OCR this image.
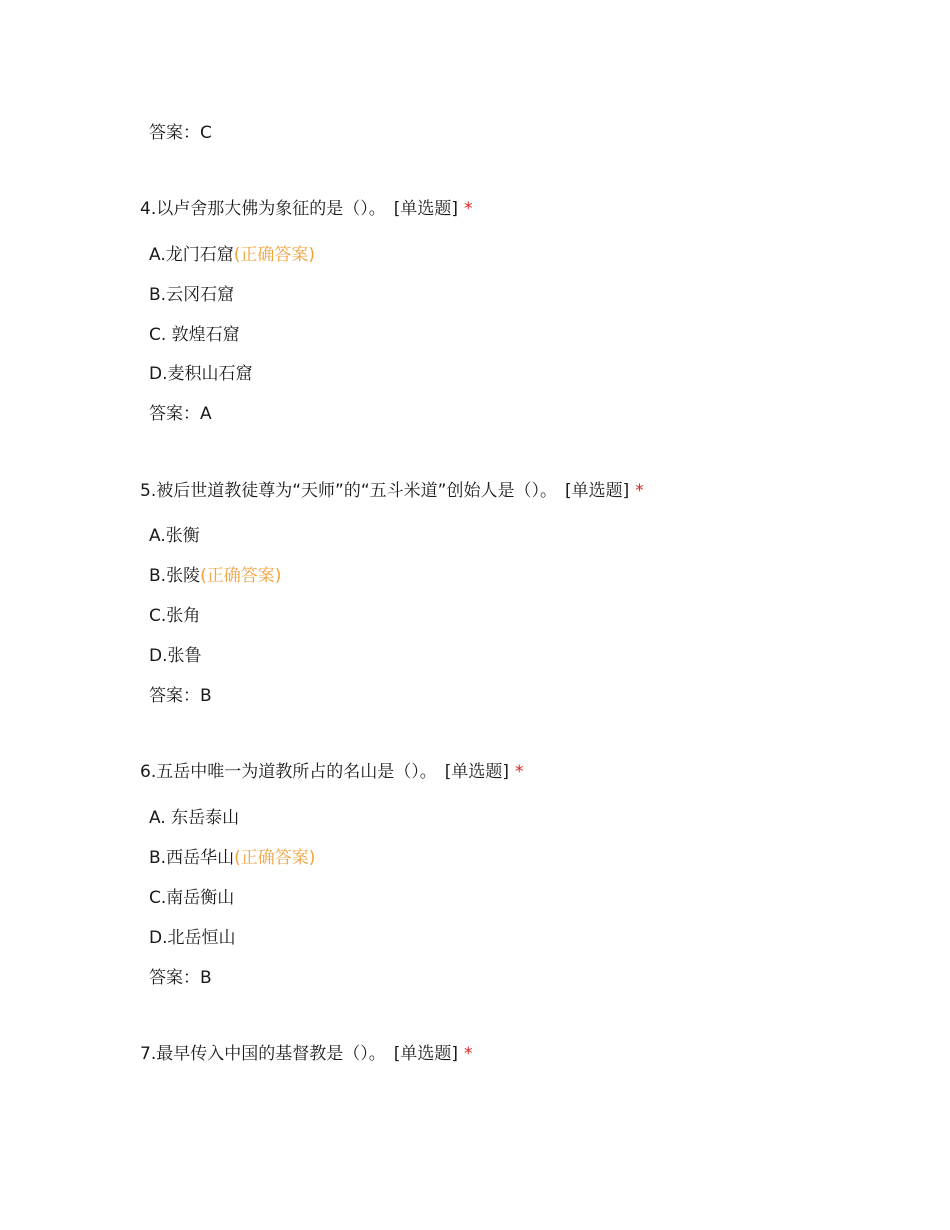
答案：C
4.以卢舍那大佛为象征的是（）。 [单选题] *
A.龙门石窟(正确答案)
B.云冈石窟
C. 敦煌石窟
D.麦积山石窟
答案：A
5.被后世道教徒尊为“天师”的“五斗米道”创始人是（）。 [单选题] *
A.张衡
B.张陵(正确答案)
C.张角
D.张鲁
答案：B
6.五岳中唯一为道教所占的名山是（）。 [单选题] *
A. 东岳泰山
B.西岳华山(正确答案)
C.南岳衡山
D.北岳恒山
答案：B
7.最早传入中国的基督教是（）。 [单选题] *
